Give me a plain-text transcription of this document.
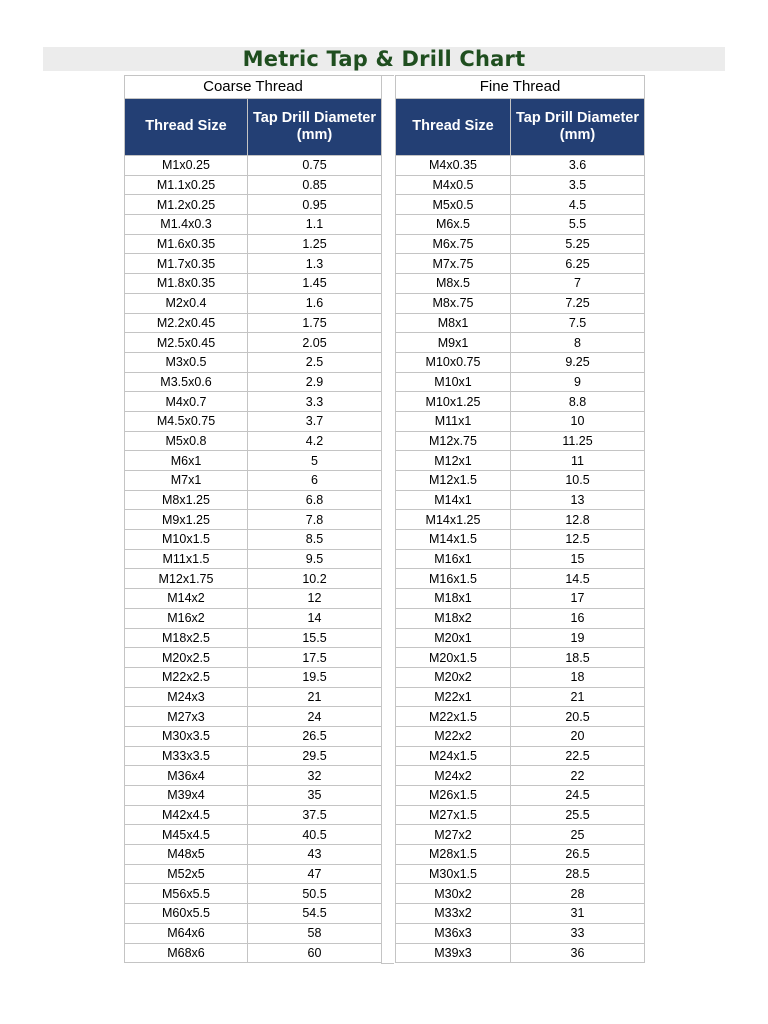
Metric Tap & Drill Chart
Coarse Thread	
Thread Size	Tap Drill Diameter (mm)
M1x0.25	0.75
M1.1x0.25	0.85
M1.2x0.25	0.95
M1.4x0.3	1.1
M1.6x0.35	1.25
M1.7x0.35	1.3
M1.8x0.35	1.45
M2x0.4	1.6
M2.2x0.45	1.75
M2.5x0.45	2.05
M3x0.5	2.5
M3.5x0.6	2.9
M4x0.7	3.3
M4.5x0.75	3.7
M5x0.8	4.2
M6x1	5
M7x1	6
M8x1.25	6.8
M9x1.25	7.8
M10x1.5	8.5
M11x1.5	9.5
M12x1.75	10.2
M14x2	12
M16x2	14
M18x2.5	15.5
M20x2.5	17.5
M22x2.5	19.5
M24x3	21
M27x3	24
M30x3.5	26.5
M33x3.5	29.5
M36x4	32
M39x4	35
M42x4.5	37.5
M45x4.5	40.5
M48x5	43
M52x5	47
M56x5.5	50.5
M60x5.5	54.5
M64x6	58
M68x6	60
Fine Thread	
Thread Size	Tap Drill Diameter (mm)
M4x0.35	3.6
M4x0.5	3.5
M5x0.5	4.5
M6x.5	5.5
M6x.75	5.25
M7x.75	6.25
M8x.5	7
M8x.75	7.25
M8x1	7.5
M9x1	8
M10x0.75	9.25
M10x1	9
M10x1.25	8.8
M11x1	10
M12x.75	11.25
M12x1	11
M12x1.5	10.5
M14x1	13
M14x1.25	12.8
M14x1.5	12.5
M16x1	15
M16x1.5	14.5
M18x1	17
M18x2	16
M20x1	19
M20x1.5	18.5
M20x2	18
M22x1	21
M22x1.5	20.5
M22x2	20
M24x1.5	22.5
M24x2	22
M26x1.5	24.5
M27x1.5	25.5
M27x2	25
M28x1.5	26.5
M30x1.5	28.5
M30x2	28
M33x2	31
M36x3	33
M39x3	36
